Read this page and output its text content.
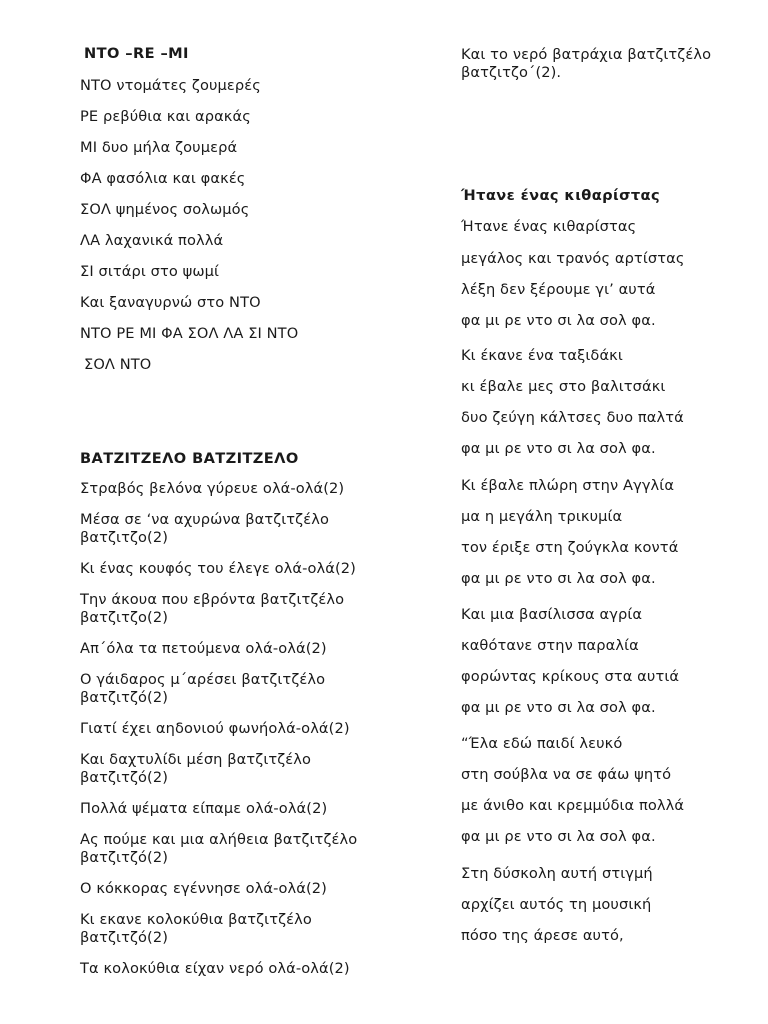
ΝΤΟ –RE –MI
ΝΤΟ ντομάτες ζουμερές
ΡΕ ρεβύθια και αρακάς
ΜΙ δυο μήλα ζουμερά
ΦΑ φασόλια και φακές
ΣΟΛ ψημένος σολωμός
ΛΑ λαχανικά πολλά
ΣΙ σιτάρι στο ψωμί
Και ξαναγυρνώ στο ΝΤΟ
ΝΤΟ ΡΕ ΜΙ ΦΑ ΣΟΛ ΛΑ ΣΙ ΝΤΟ
ΣΟΛ ΝΤΟ
ΒΑΤΖΙΤΖΕΛΟ ΒΑΤΖΙΤΖΕΛΟ
Στραβός βελόνα γύρευε ολά-ολά(2)
Μέσα σε ‘να αχυρώνα βατζιτζέλο
βατζιτζο(2)
Κι ένας κουφός του έλεγε ολά-ολά(2)
Την άκουα που εβρόντα βατζιτζέλο
βατζιτζο(2)
Απ΄όλα τα πετούμενα ολά-ολά(2)
Ο γάιδαρος μ΄αρέσει βατζιτζέλο
βατζιτζό(2)
Γιατί έχει αηδονιού φωνήολά-ολά(2)
Και δαχτυλίδι μέση βατζιτζέλο
βατζιτζό(2)
Πολλά ψέματα είπαμε ολά-ολά(2)
Ας πούμε και μια αλήθεια βατζιτζέλο
βατζιτζό(2)
Ο κόκκορας εγέννησε ολά-ολά(2)
Κι εκανε κολοκύθια βατζιτζέλο
βατζιτζό(2)
Τα κολοκύθια είχαν νερό ολά-ολά(2)
Και το νερό βατράχια βατζιτζέλο
βατζιτζο΄(2).
Ήτανε ένας κιθαρίστας
Ήτανε ένας κιθαρίστας
μεγάλος και τρανός αρτίστας
λέξη δεν ξέρουμε γι’ αυτά
φα μι ρε ντο σι λα σολ φα.
Κι έκανε ένα ταξιδάκι
κι έβαλε μες στο βαλιτσάκι
δυο ζεύγη κάλτσες δυο παλτά
φα μι ρε ντο σι λα σολ φα.
Κι έβαλε πλώρη στην Αγγλία
μα η μεγάλη τρικυμία
τον έριξε στη ζούγκλα κοντά
φα μι ρε ντο σι λα σολ φα.
Και μια βασίλισσα αγρία
καθότανε στην παραλία
φορώντας κρίκους στα αυτιά
φα μι ρε ντο σι λα σολ φα.
“Έλα εδώ παιδί λευκό
στη σούβλα να σε φάω ψητό
με άνιθο και κρεμμύδια πολλά
φα μι ρε ντο σι λα σολ φα.
Στη δύσκολη αυτή στιγμή
αρχίζει αυτός τη μουσική
πόσο της άρεσε αυτό,
